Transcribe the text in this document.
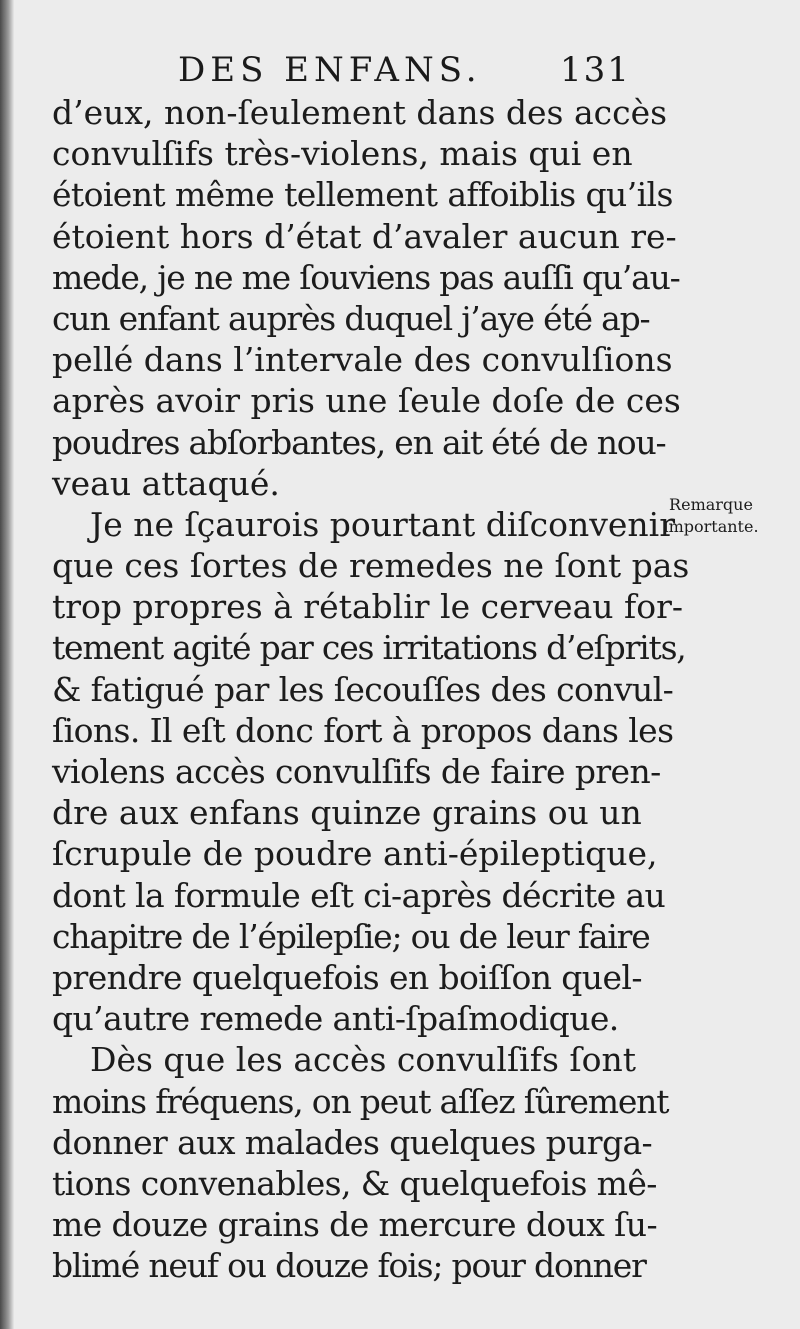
DES ENFANS. 131
d’eux, non-ſeulement dans des accès
convulſifs très-violens, mais qui en
étoient même tellement affoiblis qu’ils
étoient hors d’état d’avaler aucun re-
mede, je ne me ſouviens pas auſſi qu’au-
cun enfant auprès duquel j’aye été ap-
pellé dans l’intervale des convulſions
après avoir pris une ſeule doſe de ces
poudres abſorbantes, en ait été de nou-
veau attaqué.
Je ne ſçaurois pourtant diſconvenir
que ces ſortes de remedes ne ſont pas
trop propres à rétablir le cerveau for-
tement agité par ces irritations d’eſprits,
& fatigué par les ſecouſſes des convul-
ſions. Il eſt donc fort à propos dans les
violens accès convulſifs de faire pren-
dre aux enfans quinze grains ou un
ſcrupule de poudre anti-épileptique,
dont la formule eſt ci-après décrite au
chapitre de l’épilepſie; ou de leur faire
prendre quelquefois en boiſſon quel-
qu’autre remede anti-ſpaſmodique.
Dès que les accès convulſifs ſont
moins fréquens, on peut aſſez ſûrement
donner aux malades quelques purga-
tions convenables, & quelquefois mê-
me douze grains de mercure doux ſu-
blimé neuf ou douze fois; pour donner
Remarque
importante.
